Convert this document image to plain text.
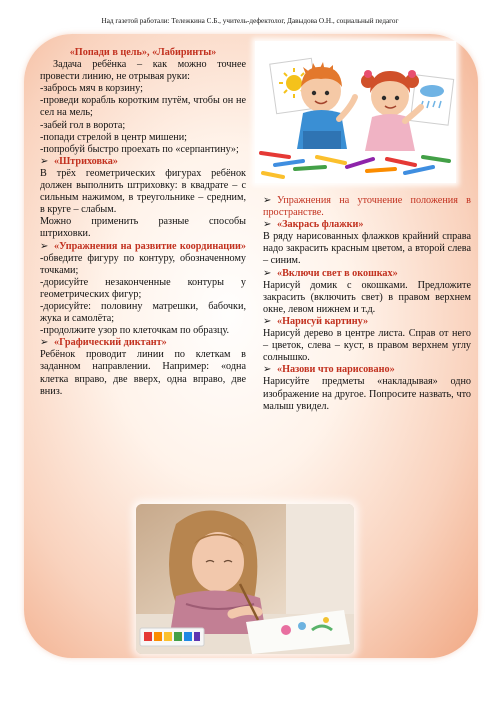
Над газетой работали: Тележкина С.Б., учитель-дефектолог, Давыдова О.Н., социальный педагог

«Попади в цель», «Лабиринты»

Задача ребёнка – как можно точнее провести линию, не отрывая руки:

-забрось мяч в корзину;

-проведи корабль коротким путём, чтобы он не сел на мель;

-забей гол в ворота;

-попади стрелой в центр мишени;

-попробуй быстро проехать по «серпантину»;

➢ «Штриховка»

В трёх геометрических фигурах ребёнок должен выполнить штриховку: в квадрате – с сильным нажимом, в треугольнике – средним, в круге – слабым.

Можно применить разные способы штриховки.

➢ «Упражнения на развитие координации»

-обведите фигуру по контуру, обозначенному точками;

-дорисуйте незаконченные контуры у геометрических фигур;

-дорисуйте: половину матрешки, бабочки, жука и самолёта;

-продолжите узор по клеточкам по образцу.

➢ «Графический диктант»

Ребёнок проводит линии по клеткам в заданном направлении. Например: «одна клетка вправо, две вверх, одна вправо, две вниз.

➢ Упражнения на уточнение положения в пространстве.

➢ «Закрась флажки»

В ряду нарисованных флажков крайний справа надо закрасить красным цветом, а второй слева – синим.

➢ «Включи свет в окошках»

Нарисуй домик с окошками. Предложите закрасить (включить свет) в правом верхнем окне, левом нижнем и т.д.

➢ «Нарисуй картину»

Нарисуй дерево в центре листа. Справ от него – цветок, слева – куст, в правом верхнем углу солнышко.

➢ «Назови что нарисовано»

Нарисуйте предметы «накладывая» одно изображение на другое. Попросите назвать, что малыш увидел.
